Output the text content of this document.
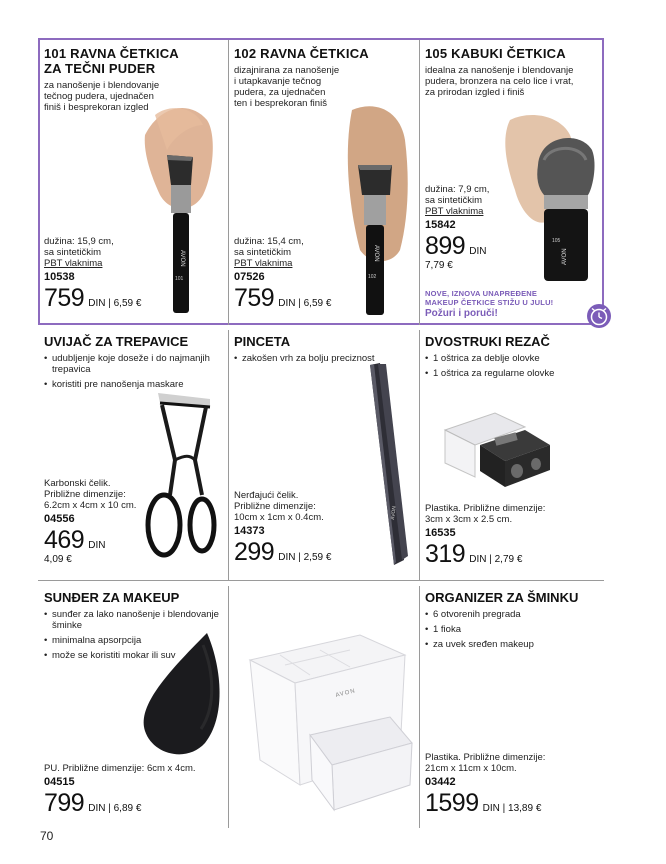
101 RAVNA ČETKICA
ZA TEČNI PUDER
za nanošenje i blendovanje
tečnog pudera, ujednačen
finiš i besprekoran izgled
AVON
101
dužina: 15,9 cm,
sa sintetičkim
PBT vlaknima
10538
759 DIN | 6,59 €
102 RAVNA ČETKICA
dizajnirana za nanošenje
i utapkavanje tečnog
pudera, za ujednačen
ten i besprekoran finiš
AVON
102
dužina: 15,4 cm,
sa sintetičkim
PBT vlaknima
07526
759 DIN | 6,59 €
105 KABUKI ČETKICA
idealna za nanošenje i blendovanje
pudera, bronzera na celo lice i vrat,
za prirodan izgled i finiš
AVON
105
dužina: 7,9 cm,
sa sintetičkim
PBT vlaknima
15842
899 DIN
7,79 €
NOVE, IZNOVA UNAPREĐENE
MAKEUP ČETKICE STIŽU U JULU!
Požuri i poruči!
UVIJAČ ZA TREPAVICE
• udubljenje koje doseže i do najmanjih trepavica
• koristiti pre nanošenja maskare
Karbonski čelik.
Približne dimenzije:
6.2cm x 4cm x 10 cm.
04556
469 DIN
4,09 €
PINCETA
• zakošen vrh za bolju preciznost
AVON
Nerđajući čelik.
Približne dimenzije:
10cm x 1cm x 0.4cm.
14373
299 DIN | 2,59 €
DVOSTRUKI REZAČ
• 1 oštrica za deblje olovke
• 1 oštrica za regularne olovke
Plastika. Približne dimenzije:
3cm x 3cm x 2.5 cm.
16535
319 DIN | 2,79 €
SUNĐER ZA MAKEUP
• sunđer za lako nanošenje i blendovanje šminke
• minimalna apsorpcija
• može se koristiti mokar ili suv
PU. Približne dimenzije: 6cm x 4cm.
04515
799 DIN | 6,89 €
AVON
ORGANIZER ZA ŠMINKU
• 6 otvorenih pregrada
• 1 fioka
• za uvek sređen makeup
Plastika. Približne dimenzije:
21cm x 11cm x 10cm.
03442
1599 DIN | 13,89 €
70
